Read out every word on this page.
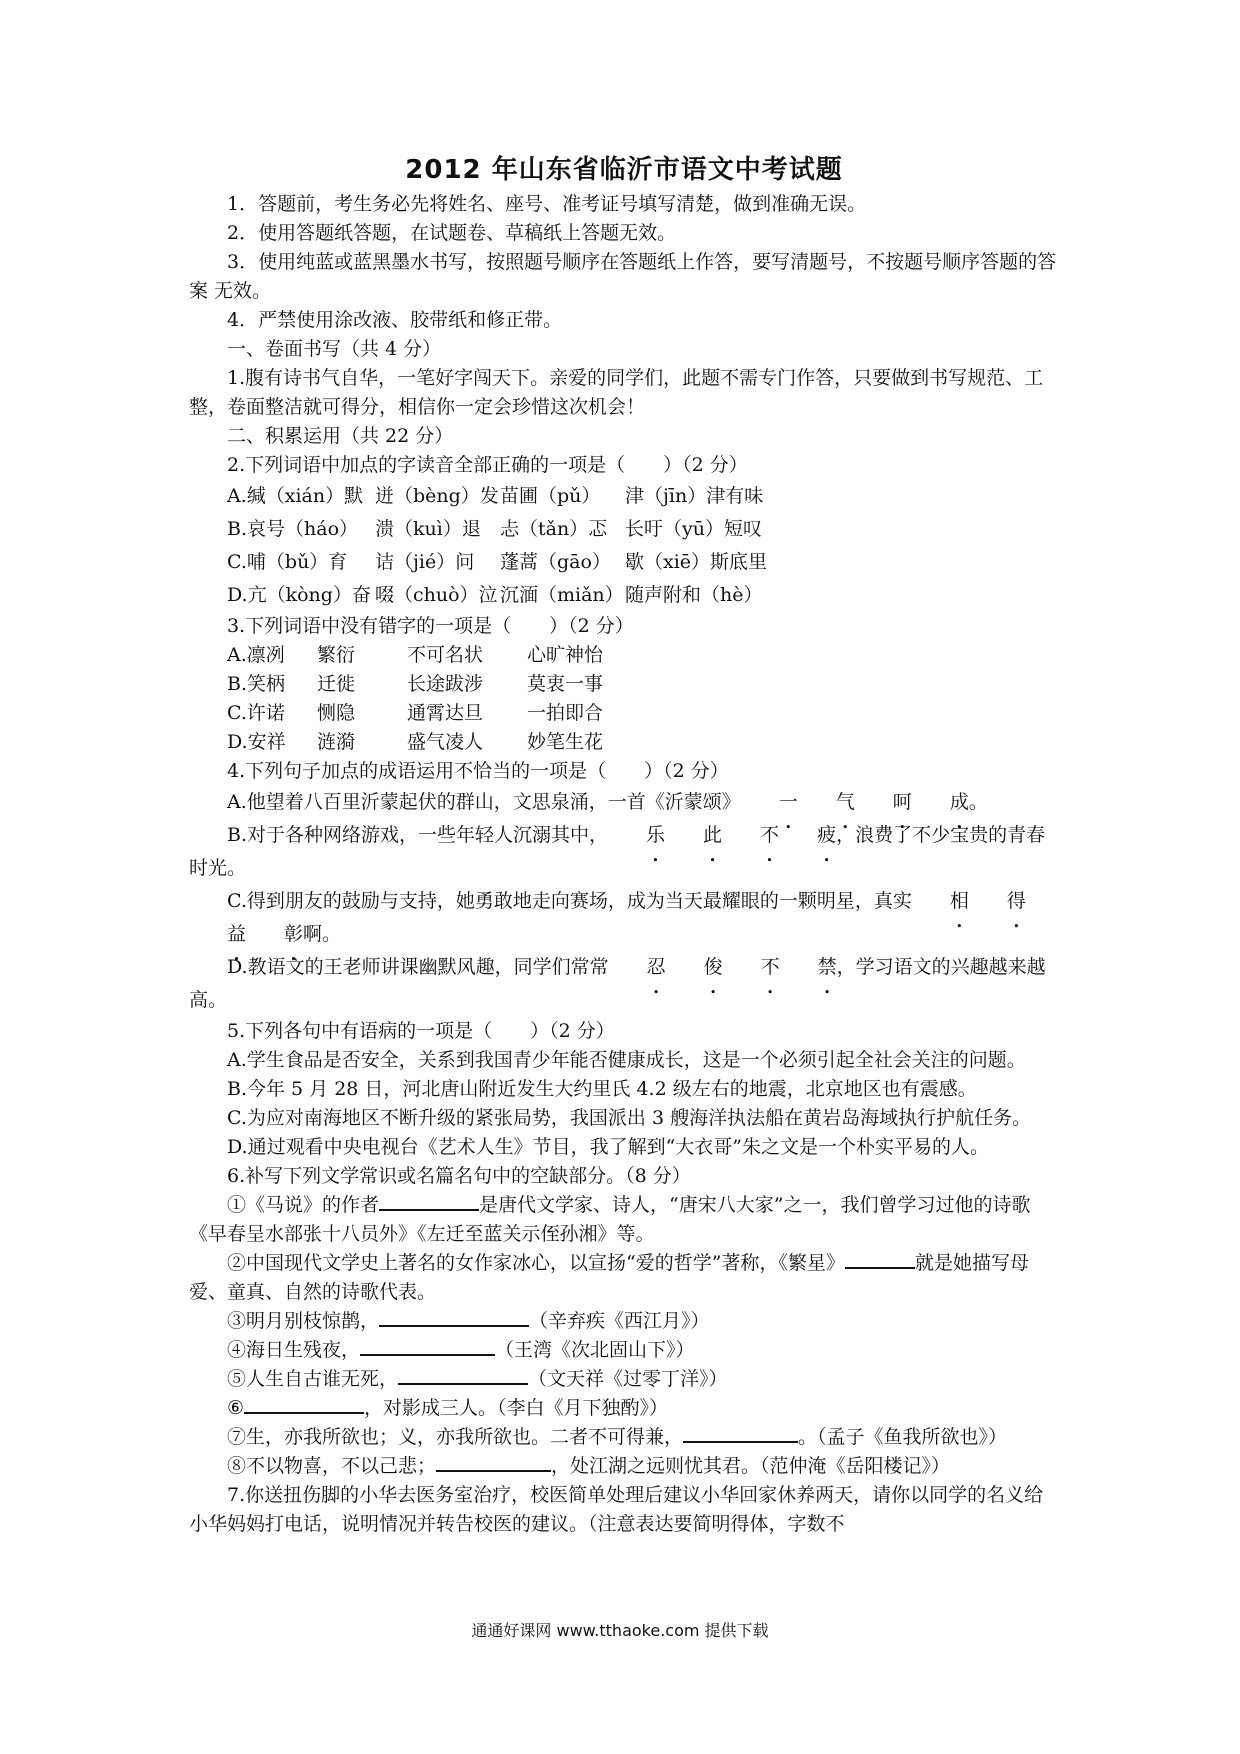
2012 年山东省临沂市语文中考试题

1．答题前，考生务必先将姓名、座号、准考证号填写清楚，做到准确无误。

2．使用答题纸答题，在试题卷、草稿纸上答题无效。

3．使用纯蓝或蓝黑墨水书写，按照题号顺序在答题纸上作答，要写清题号，不按题号顺序答题的答案 无效。

4．严禁使用涂改液、胶带纸和修正带。

一、卷面书写（共 4 分）

1.腹有诗书气自华，一笔好字闯天下。亲爱的同学们，此题不需专门作答，只要做到书写规范、工整，卷面整洁就可得分，相信你一定会珍惜这次机会！

二、积累运用（共 22 分）

2.下列词语中加点的字读音全部正确的一项是（　　）（2 分）

A.缄（xián）默 迸（bèng）发苗圃（pǔ） 津（jīn）津有味
B.哀号（háo） 溃（kuì）退 忐（tǎn）忑 长吁（yū）短叹
C.哺（bǔ）育 诘（jié）问 蓬蒿（gāo） 歇（xiē）斯底里
D.亢（kòng）奋 啜（chuò）泣 沉湎（miǎn）随声附和（hè）

3.下列词语中没有错字的一项是（　　）（2 分）

A.凛冽 繁衍	不可名状 心旷神怡
B.笑柄 迁徙	长途跋涉 莫衷一事
C.许诺 恻隐	通霄达旦 一拍即合
D.安祥 涟漪	盛气凌人 妙笔生花

4.下列句子加点的成语运用不恰当的一项是（　　）（2 分）

A.他望着八百里沂蒙起伏的群山，文思泉涌，一首《沂蒙颂》 一 气 呵 成。

B.对于各种网络游戏，一些年轻人沉溺其中， 乐 此 不 疲，浪费了不少宝贵的青春时光。

C.得到朋友的鼓励与支持，她勇敢地走向赛场，成为当天最耀眼的一颗明星，真实 相 得益 彰啊。

D.教语文的王老师讲课幽默风趣，同学们常常 忍 俊 不 禁，学习语文的兴趣越来越高。

5.下列各句中有语病的一项是（　　）（2 分）

A.学生食品是否安全，关系到我国青少年能否健康成长，这是一个必须引起全社会关注的问题。

B.今年 5 月 28 日，河北唐山附近发生大约里氏 4.2 级左右的地震，北京地区也有震感。

C.为应对南海地区不断升级的紧张局势，我国派出 3 艘海洋执法船在黄岩岛海域执行护航任务。

D.通过观看中央电视台《艺术人生》节目，我了解到“大衣哥”朱之文是一个朴实平易的人。

6.补写下列文学常识或名篇名句中的空缺部分。（8 分）

①《马说》的作者	是唐代文学家、诗人，“唐宋八大家”之一，我们曾学习过他的诗歌《早春呈水部张十八员外》《左迁至蓝关示侄孙湘》等。

②中国现代文学史上著名的女作家冰心，以宣扬“爱的哲学”著称，《繁星》	就是她描写母爱、童真、自然的诗歌代表。

③明月别枝惊鹊，	（辛弃疾《西江月》）

④海日生残夜，	（王湾《次北固山下》）

⑤人生自古谁无死，	（文天祥《过零丁洋》）

⑥	，对影成三人。（李白《月下独酌》）

⑦生，亦我所欲也；义，亦我所欲也。二者不可得兼，	。（孟子《鱼我所欲也》）

⑧不以物喜，不以己悲；	，处江湖之远则忧其君。（范仲淹《岳阳楼记》）

7.你送扭伤脚的小华去医务室治疗，校医简单处理后建议小华回家休养两天，请你以同学的名义给小华妈妈打电话，说明情况并转告校医的建议。（注意表达要简明得体，字数不

通通好课网 www.tthaoke.com 提供下载
